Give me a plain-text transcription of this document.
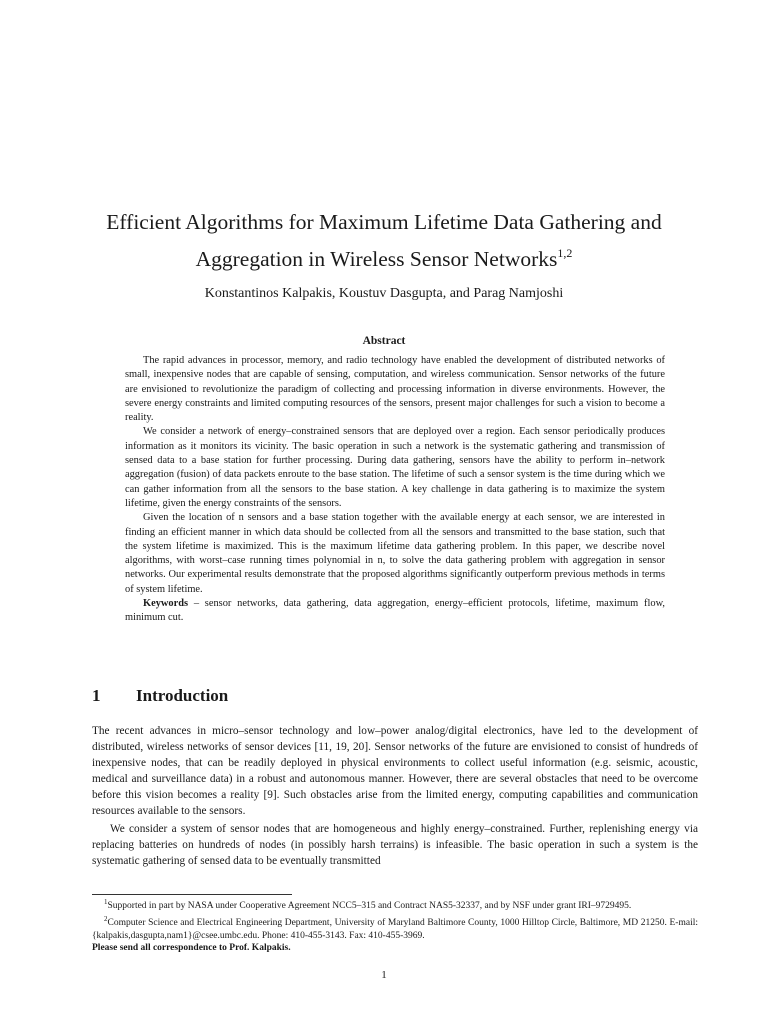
Efficient Algorithms for Maximum Lifetime Data Gathering and Aggregation in Wireless Sensor Networks$^{1,2}$
Konstantinos Kalpakis, Koustuv Dasgupta, and Parag Namjoshi
Abstract

The rapid advances in processor, memory, and radio technology have enabled the development of distributed networks of small, inexpensive nodes that are capable of sensing, computation, and wireless communication. Sensor networks of the future are envisioned to revolutionize the paradigm of collecting and processing information in diverse environments. However, the severe energy constraints and limited computing resources of the sensors, present major challenges for such a vision to become a reality.

We consider a network of energy–constrained sensors that are deployed over a region. Each sensor periodically produces information as it monitors its vicinity. The basic operation in such a network is the systematic gathering and transmission of sensed data to a base station for further processing. During data gathering, sensors have the ability to perform in–network aggregation (fusion) of data packets enroute to the base station. The lifetime of such a sensor system is the time during which we can gather information from all the sensors to the base station. A key challenge in data gathering is to maximize the system lifetime, given the energy constraints of the sensors.

Given the location of n sensors and a base station together with the available energy at each sensor, we are interested in finding an efficient manner in which data should be collected from all the sensors and transmitted to the base station, such that the system lifetime is maximized. This is the maximum lifetime data gathering problem. In this paper, we describe novel algorithms, with worst–case running times polynomial in n, to solve the data gathering problem with aggregation in sensor networks. Our experimental results demonstrate that the proposed algorithms significantly outperform previous methods in terms of system lifetime.

Keywords – sensor networks, data gathering, data aggregation, energy–efficient protocols, lifetime, maximum flow, minimum cut.

1 Introduction

The recent advances in micro–sensor technology and low–power analog/digital electronics, have led to the development of distributed, wireless networks of sensor devices [11, 19, 20]. Sensor networks of the future are envisioned to consist of hundreds of inexpensive nodes, that can be readily deployed in physical environments to collect useful information (e.g. seismic, acoustic, medical and surveillance data) in a robust and autonomous manner. However, there are several obstacles that need to be overcome before this vision becomes a reality [9]. Such obstacles arise from the limited energy, computing capabilities and communication resources available to the sensors.

We consider a system of sensor nodes that are homogeneous and highly energy–constrained. Further, replenishing energy via replacing batteries on hundreds of nodes (in possibly harsh terrains) is infeasible. The basic operation in such a system is the systematic gathering of sensed data to be eventually transmitted

$^1$Supported in part by NASA under Cooperative Agreement NCC5–315 and Contract NAS5-32337, and by NSF under grant IRI–9729495.

$^2$Computer Science and Electrical Engineering Department, University of Maryland Baltimore County, 1000 Hilltop Circle, Baltimore, MD 21250. E-mail: {kalpakis,dasgupta,nam1}@csee.umbc.edu. Phone: 410-455-3143. Fax: 410-455-3969.

Please send all correspondence to Prof. Kalpakis.

1
